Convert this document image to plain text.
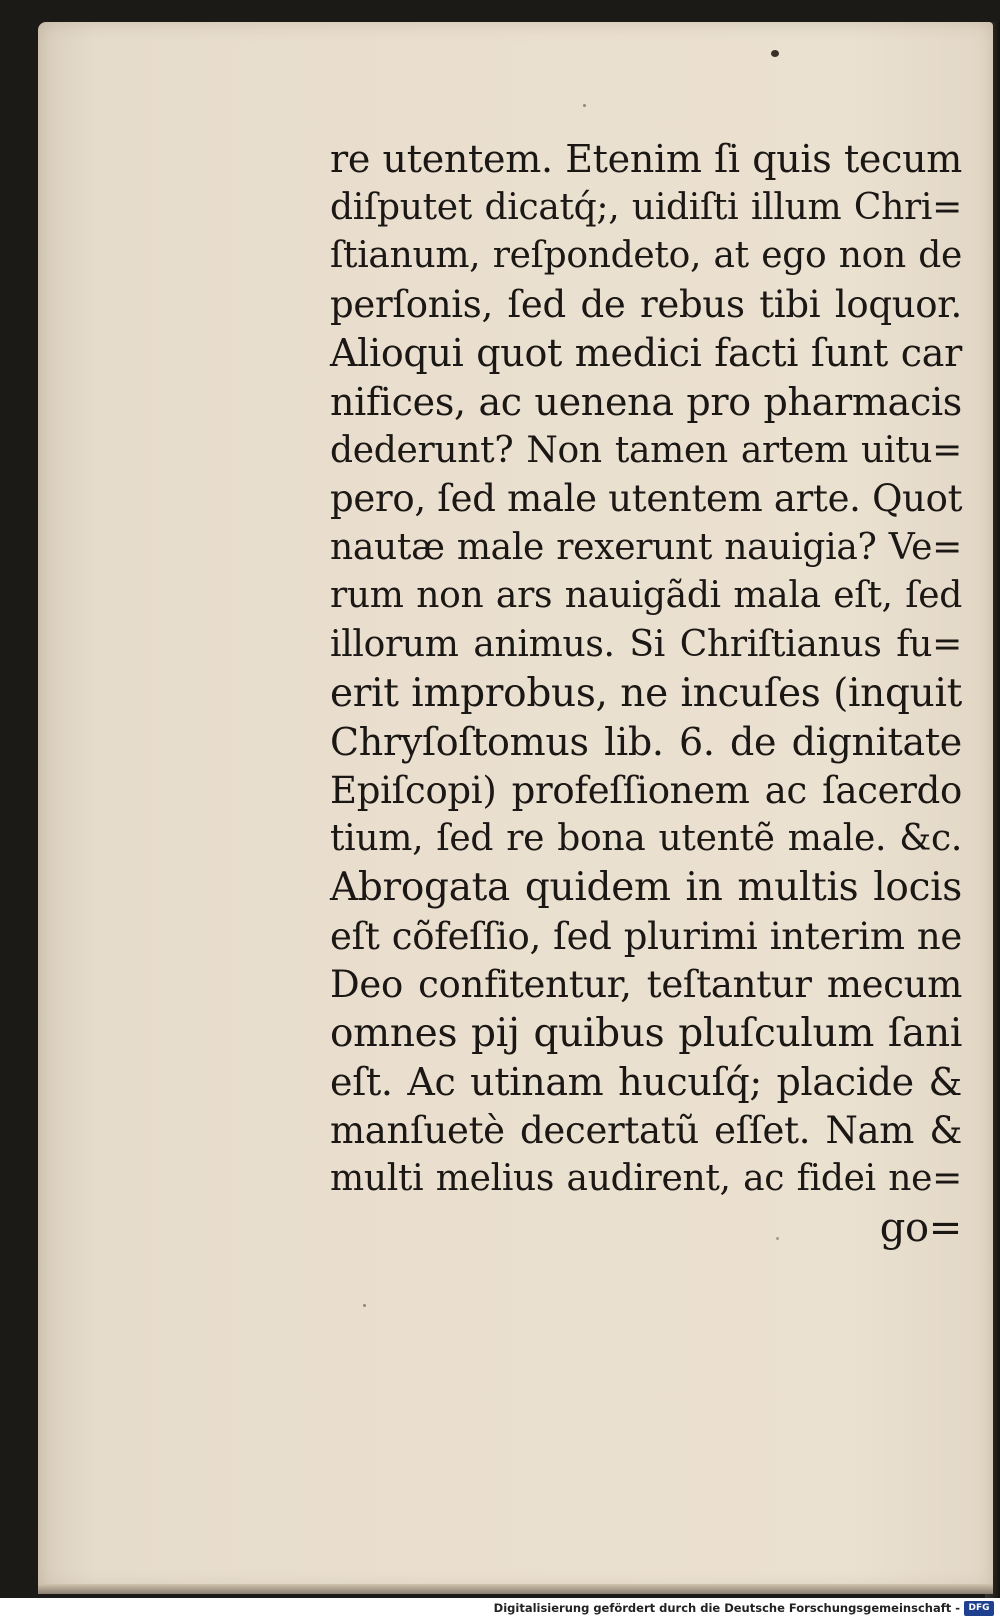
re utentem. Etenim ſi quis tecum
diſputet dicatq́;, uidiſti illum Chri=
ſtianum, reſpondeto, at ego non de
perſonis, ſed de rebus tibi loquor.
Alioqui quot medici facti ſunt car
nifices, ac uenena pro pharmacis
dederunt? Non tamen artem uitu=
pero, ſed male utentem arte. Quot
nautæ male rexerunt nauigia? Ve=
rum non ars nauigãdi mala eſt, ſed
illorum animus. Si Chriſtianus fu=
erit improbus, ne incuſes (inquit
Chryſoſtomus lib. 6. de dignitate
Epiſcopi) profeſſionem ac ſacerdo
tium, ſed re bona utentẽ male. &c.
Abrogata quidem in multis locis
eſt cõfeſſio, ſed plurimi interim ne
Deo confitentur, teſtantur mecum
omnes pij quibus pluſculum ſani
eſt. Ac utinam hucuſq́; placide &
manſuetè decertatũ eſſet. Nam &
multi melius audirent, ac fidei ne=
go=
Digitalisierung gefördert durch die Deutsche Forschungsgemeinschaft - DFG
